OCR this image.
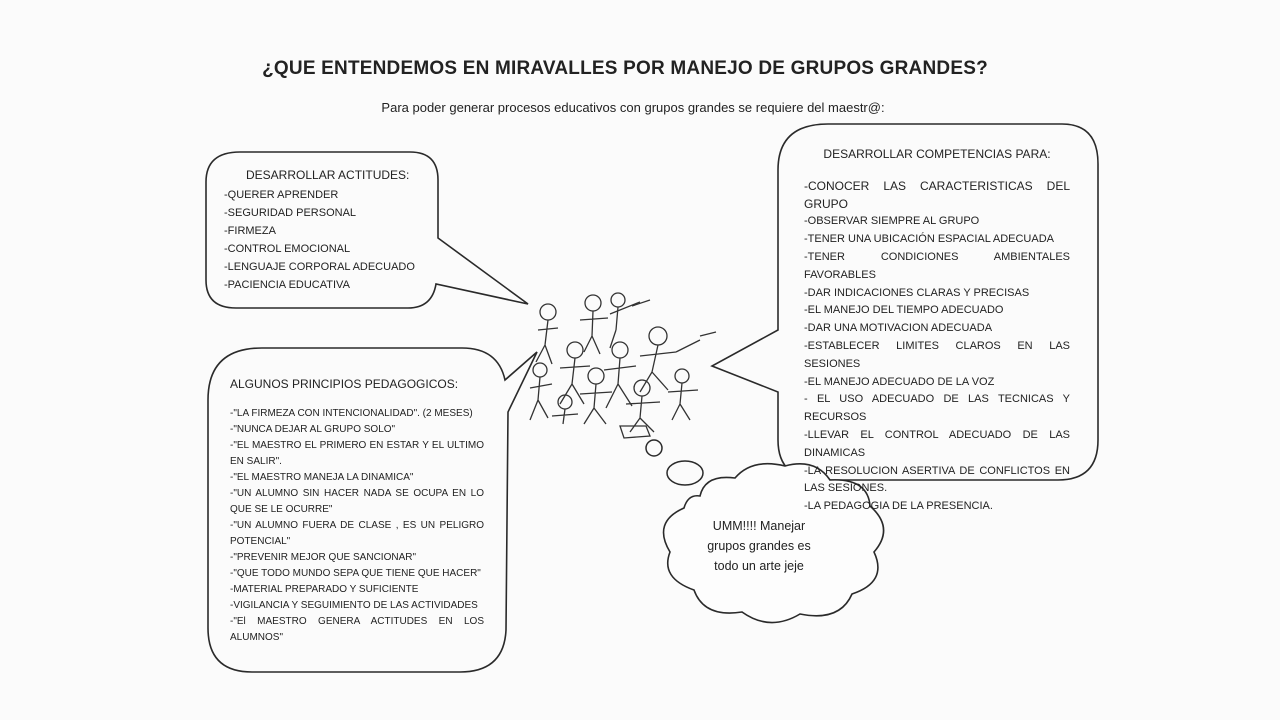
¿QUE ENTENDEMOS EN MIRAVALLES POR MANEJO DE GRUPOS GRANDES?
Para poder generar procesos educativos con grupos grandes se requiere del maestr@:
DESARROLLAR ACTITUDES:
-QUERER APRENDER
-SEGURIDAD PERSONAL
-FIRMEZA
-CONTROL EMOCIONAL
-LENGUAJE CORPORAL ADECUADO
-PACIENCIA EDUCATIVA
ALGUNOS PRINCIPIOS PEDAGOGICOS:
-"LA FIRMEZA CON INTENCIONALIDAD". (2 MESES)
-"NUNCA DEJAR AL GRUPO SOLO"
-"EL MAESTRO EL PRIMERO EN ESTAR Y EL ULTIMO EN SALIR".
-"EL MAESTRO MANEJA LA DINAMICA"
-"UN ALUMNO SIN HACER NADA SE OCUPA EN LO QUE SE LE OCURRE"
-"UN ALUMNO FUERA DE CLASE , ES UN PELIGRO POTENCIAL"
-"PREVENIR MEJOR QUE SANCIONAR"
-"QUE TODO MUNDO SEPA QUE TIENE QUE HACER"
-MATERIAL PREPARADO Y SUFICIENTE
-VIGILANCIA Y SEGUIMIENTO DE LAS ACTIVIDADES
-"El MAESTRO GENERA ACTITUDES EN LOS ALUMNOS"
DESARROLLAR COMPETENCIAS PARA:
-CONOCER LAS CARACTERISTICAS DEL GRUPO
-OBSERVAR SIEMPRE AL GRUPO
-TENER UNA UBICACIÓN ESPACIAL ADECUADA
-TENER CONDICIONES AMBIENTALES FAVORABLES
-DAR INDICACIONES CLARAS Y PRECISAS
-EL MANEJO DEL TIEMPO ADECUADO
-DAR UNA MOTIVACION ADECUADA
-ESTABLECER LIMITES CLAROS EN LAS SESIONES
-EL MANEJO ADECUADO DE LA VOZ
- EL USO ADECUADO DE LAS TECNICAS Y RECURSOS
-LLEVAR EL CONTROL ADECUADO DE LAS DINAMICAS
-LA RESOLUCION ASERTIVA DE CONFLICTOS EN LAS SESIONES.
-LA PEDAGOGIA DE LA PRESENCIA.
UMM!!!! Manejar grupos grandes es todo un arte jeje
